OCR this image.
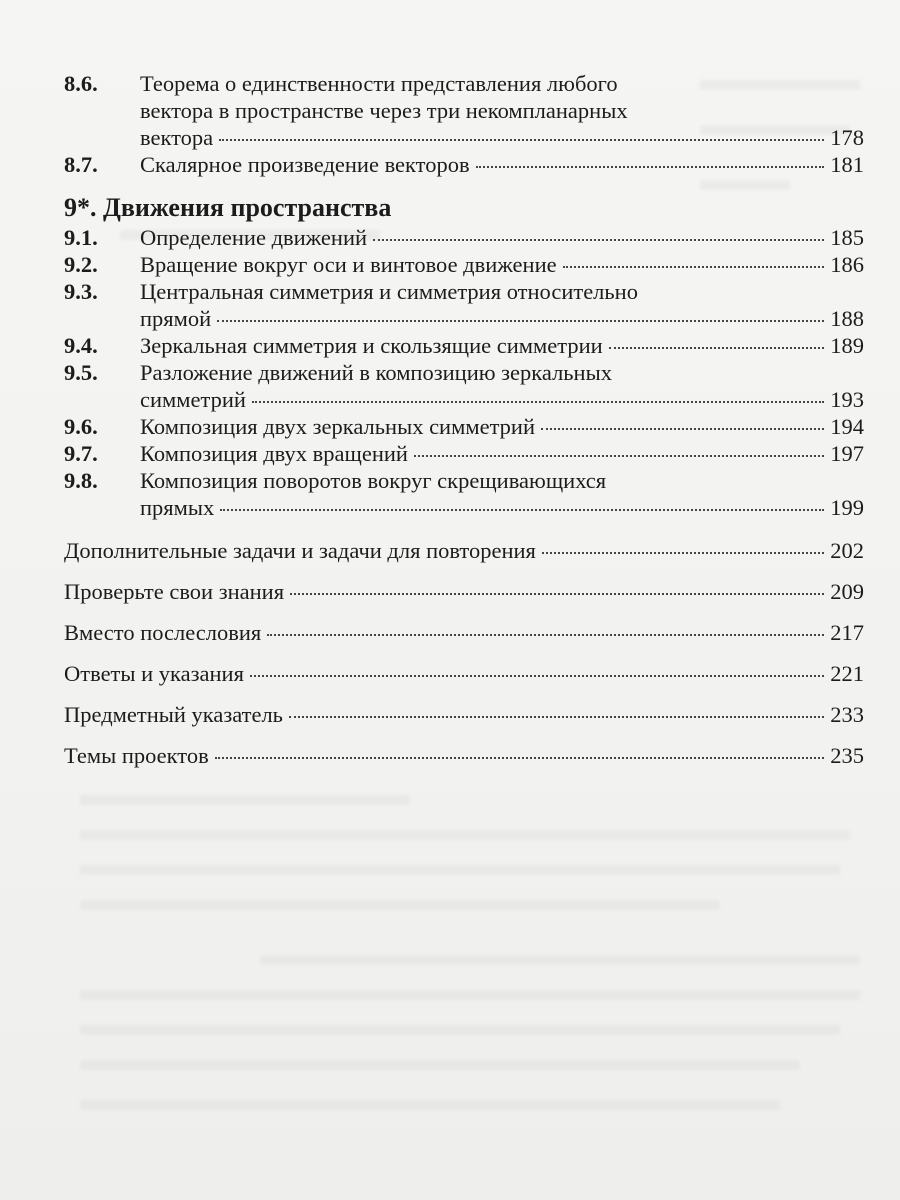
8.6.	Теорема о единственности представления любого
вектора в пространстве через три некомпланарных
вектора	178
8.7.	Скалярное произведение векторов	181
9*. Движения пространства
9.1.	Определение движений	185
9.2.	Вращение вокруг оси и винтовое движение	186
9.3.	Центральная симметрия и симметрия относительно
прямой	188
9.4.	Зеркальная симметрия и скользящие симметрии	189
9.5.	Разложение движений в композицию зеркальных
симметрий	193
9.6.	Композиция двух зеркальных симметрий	194
9.7.	Композиция двух вращений	197
9.8.	Композиция поворотов вокруг скрещивающихся
прямых	199
Дополнительные задачи и задачи для повторения	202
Проверьте свои знания	209
Вместо послесловия	217
Ответы и указания	221
Предметный указатель	233
Темы проектов	235
